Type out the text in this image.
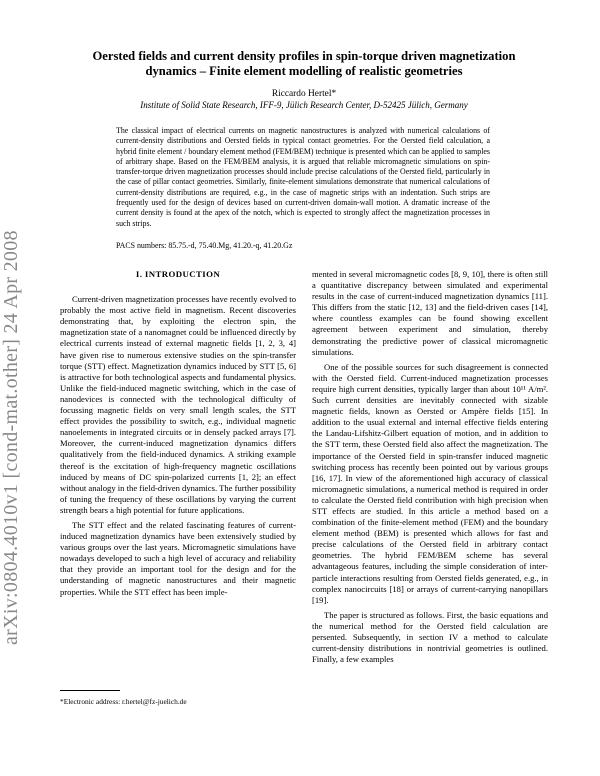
arXiv:0804.4010v1 [cond-mat.other] 24 Apr 2008
Oersted fields and current density profiles in spin-torque driven magnetization
dynamics – Finite element modelling of realistic geometries
Riccardo Hertel*
Institute of Solid State Research, IFF-9, Jülich Research Center, D-52425 Jülich, Germany
The classical impact of electrical currents on magnetic nanostructures is analyzed with numerical calculations of current-density distributions and Oersted fields in typical contact geometries. For the Oersted field calculation, a hybrid finite element / boundary element method (FEM/BEM) technique is presented which can be applied to samples of arbitrary shape. Based on the FEM/BEM analysis, it is argued that reliable micromagnetic simulations on spin-transfer-torque driven magnetization processes should include precise calculations of the Oersted field, particularly in the case of pillar contact geometries. Similarly, finite-element simulations demonstrate that numerical calculations of current-density distributions are required, e.g., in the case of magnetic strips with an indentation. Such strips are frequently used for the design of devices based on current-driven domain-wall motion. A dramatic increase of the current density is found at the apex of the notch, which is expected to strongly affect the magnetization processes in such strips.
PACS numbers: 85.75.-d, 75.40.Mg, 41.20.-q, 41.20.Gz
I. INTRODUCTION

Current-driven magnetization processes have recently evolved to probably the most active field in magnetism. Recent discoveries demonstrating that, by exploiting the electron spin, the magnetization state of a nanomagnet could be influenced directly by electrical currents instead of external magnetic fields [1, 2, 3, 4] have given rise to numerous extensive studies on the spin-transfer torque (STT) effect. Magnetization dynamics induced by STT [5, 6] is attractive for both technological aspects and fundamental physics. Unlike the field-induced magnetic switching, which in the case of nanodevices is connected with the technological difficulty of focussing magnetic fields on very small length scales, the STT effect provides the possibility to switch, e.g., individual magnetic nanoelements in integrated circuits or in densely packed arrays [7]. Moreover, the current-induced magnetization dynamics differs qualitatively from the field-induced dynamics. A striking example thereof is the excitation of high-frequency magnetic oscillations induced by means of DC spin-polarized currents [1, 2]; an effect without analogy in the field-driven dynamics. The further possibility of tuning the frequency of these oscillations by varying the current strength bears a high potential for future applications.

The STT effect and the related fascinating features of current-induced magnetization dynamics have been extensively studied by various groups over the last years. Micromagnetic simulations have nowadays developed to such a high level of accuracy and reliability that they provide an important tool for the design and for the understanding of magnetic nanostructures and their magnetic properties. While the STT effect has been imple-

mented in several micromagnetic codes [8, 9, 10], there is often still a quantitative discrepancy between simulated and experimental results in the case of current-induced magnetization dynamics [11]. This differs from the static [12, 13] and the field-driven cases [14], where countless examples can be found showing excellent agreement between experiment and simulation, thereby demonstrating the predictive power of classical micromagnetic simulations.

One of the possible sources for such disagreement is connected with the Oersted field. Current-induced magnetization processes require high current densities, typically larger than about 10¹¹ A/m². Such current densities are inevitably connected with sizable magnetic fields, known as Oersted or Ampère fields [15]. In addition to the usual external and internal effective fields entering the Landau-Lifshitz-Gilbert equation of motion, and in addition to the STT term, these Oersted field also affect the magnetization. The importance of the Oersted field in spin-transfer induced magnetic switching process has recently been pointed out by various groups [16, 17]. In view of the aforementioned high accuracy of classical micromagnetic simulations, a numerical method is required in order to calculate the Oersted field contribution with high precision when STT effects are studied. In this article a method based on a combination of the finite-element method (FEM) and the boundary element method (BEM) is presented which allows for fast and precise calculations of the Oersted field in arbitrary contact geometries. The hybrid FEM/BEM scheme has several advantageous features, including the simple consideration of inter-particle interactions resulting from Oersted fields generated, e.g., in complex nanocircuits [18] or arrays of current-carrying nanopillars [19].

The paper is structured as follows. First, the basic equations and the numerical method for the Oersted field calculation are persented. Subsequently, in section IV a method to calculate current-density distributions in nontrivial geometries is outlined. Finally, a few examples

*Electronic address: r.hertel@fz-juelich.de
